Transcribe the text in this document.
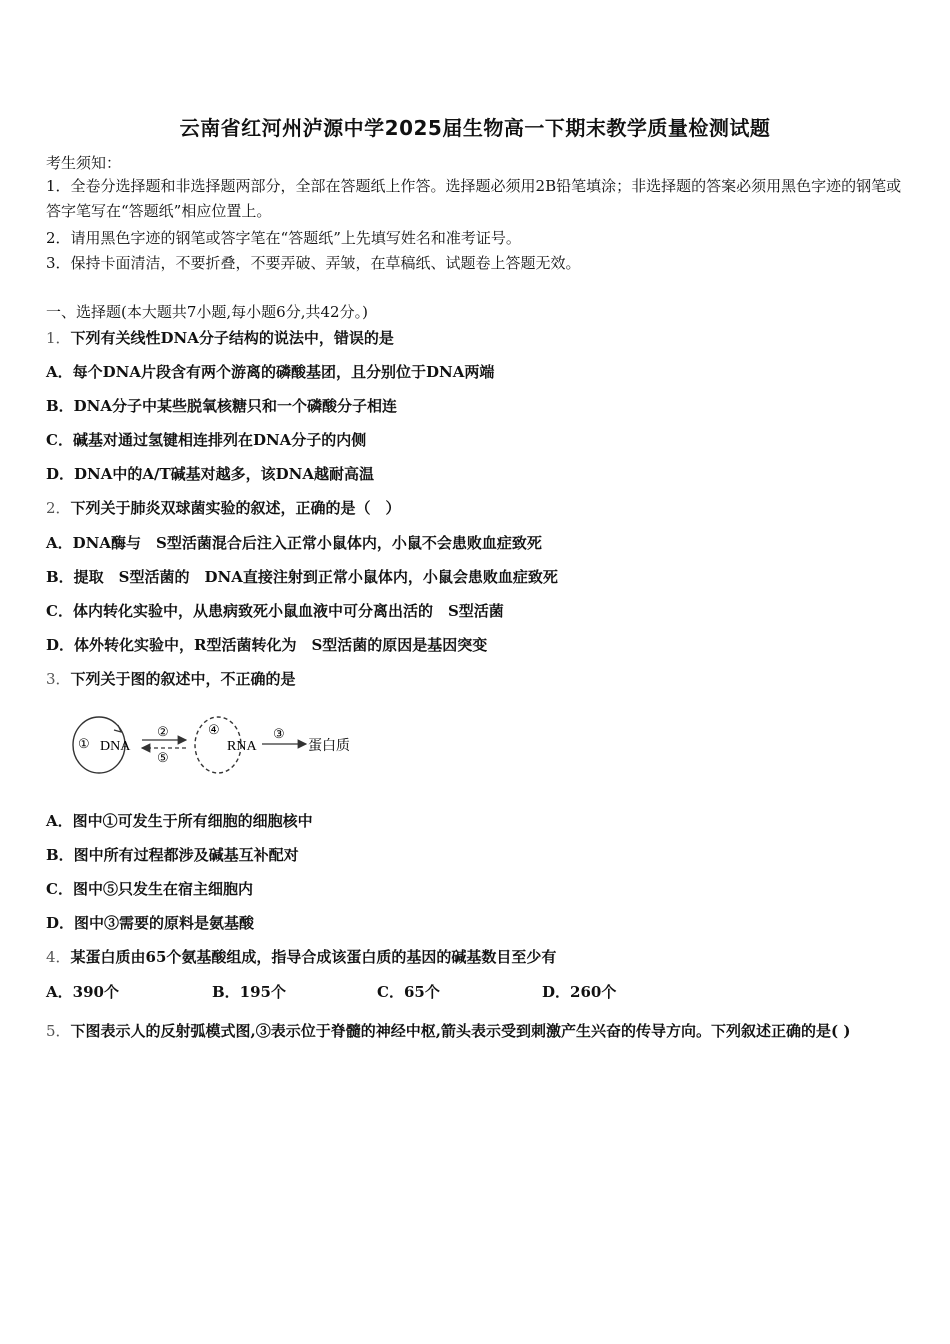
云南省红河州泸源中学2025届生物高一下期末教学质量检测试题
考生须知：
1．全卷分选择题和非选择题两部分，全部在答题纸上作答。选择题必须用2B铅笔填涂；非选择题的答案必须用黑色字迹的钢笔或答字笔写在“答题纸”相应位置上。
2．请用黑色字迹的钢笔或答字笔在“答题纸”上先填写姓名和准考证号。
3．保持卡面清洁，不要折叠，不要弄破、弄皱，在草稿纸、试题卷上答题无效。
一、选择题(本大题共7小题,每小题6分,共42分。)
1．下列有关线性DNA分子结构的说法中，错误的是
A．每个DNA片段含有两个游离的磷酸基团，且分别位于DNA两端
B．DNA分子中某些脱氧核糖只和一个磷酸分子相连
C．碱基对通过氢键相连排列在DNA分子的内侧
D．DNA中的A/T碱基对越多，该DNA越耐高温
2．下列关于肺炎双球菌实验的叙述，正确的是（　）
A．DNA酶与　S型活菌混合后注入正常小鼠体内，小鼠不会患败血症致死
B．提取　S型活菌的　DNA直接注射到正常小鼠体内，小鼠会患败血症致死
C．体内转化实验中，从患病致死小鼠血液中可分离出活的　S型活菌
D．体外转化实验中，R型活菌转化为　S型活菌的原因是基因突变
3．下列关于图的叙述中，不正确的是
① DNA
②
⑤
④
RNA
③
蛋白质
A．图中①可发生于所有细胞的细胞核中
B．图中所有过程都涉及碱基互补配对
C．图中⑤只发生在宿主细胞内
D．图中③需要的原料是氨基酸
4．某蛋白质由65个氨基酸组成，指导合成该蛋白质的基因的碱基数目至少有
A．390个	B．195个	C．65个	D．260个
5．下图表示人的反射弧模式图,③表示位于脊髓的神经中枢,箭头表示受到刺激产生兴奋的传导方向。下列叙述正确的是( )
